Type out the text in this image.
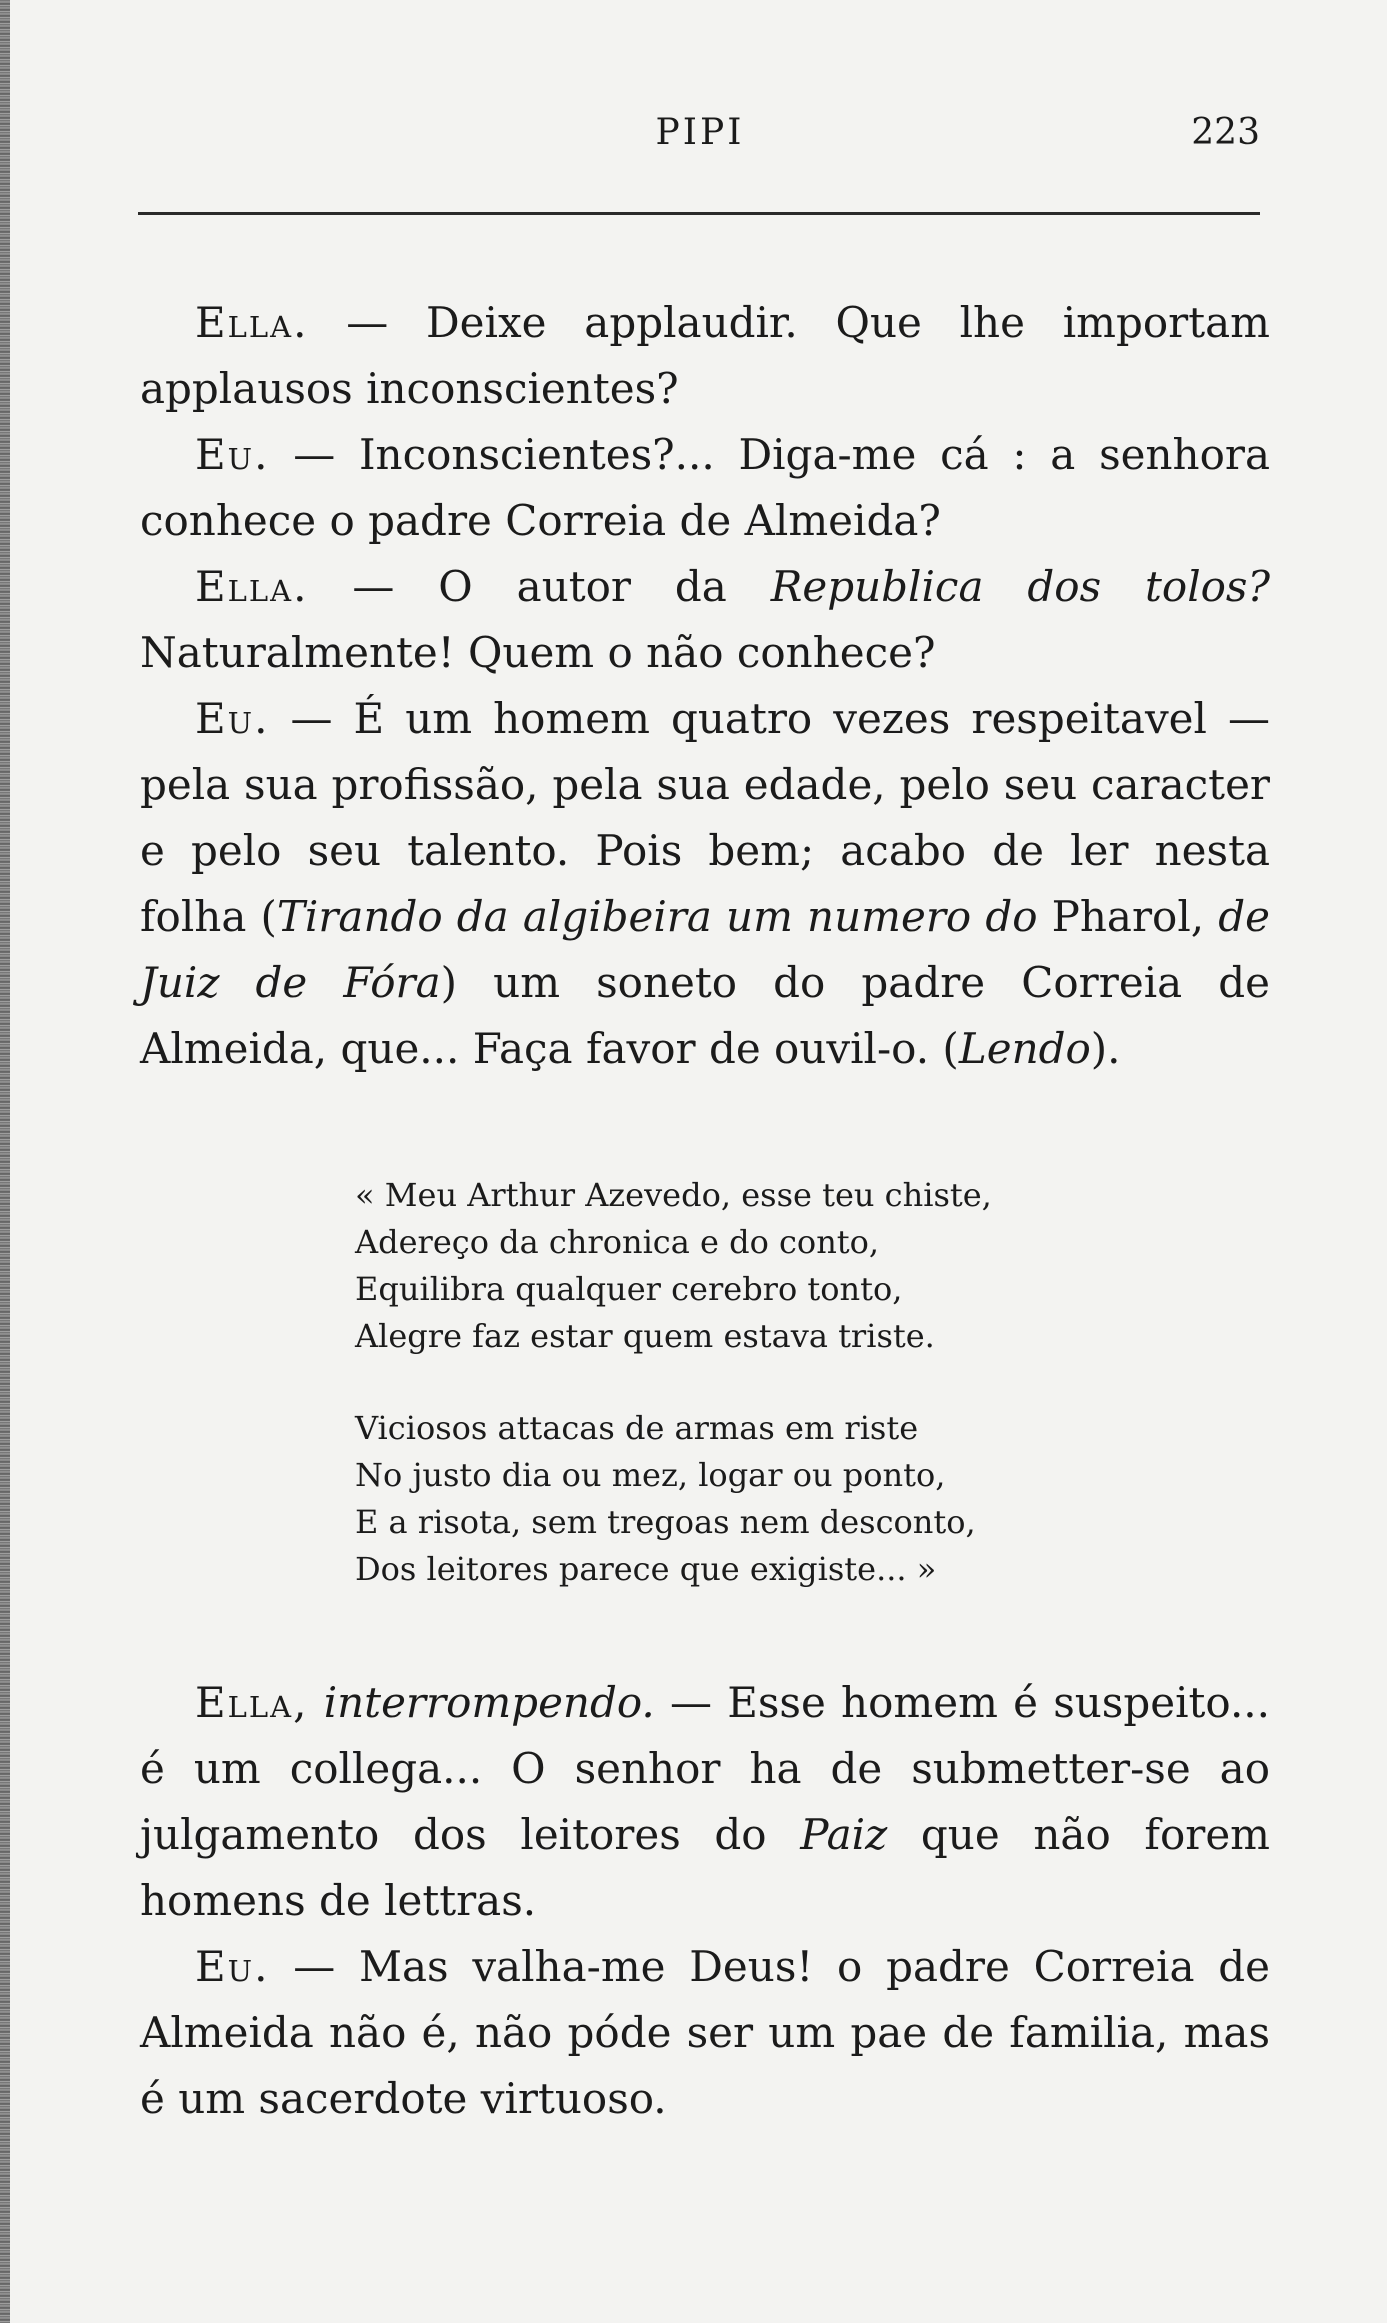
PIPI	223

Ella. — Deixe applaudir. Que lhe importam applausos inconscientes?

Eu. — Inconscientes?... Diga-me cá : a senhora conhece o padre Correia de Almeida?

Ella. — O autor da Republica dos tolos? Naturalmente! Quem o não conhece?

Eu. — É um homem quatro vezes respeitavel — pela sua profissão, pela sua edade, pelo seu caracter e pelo seu talento. Pois bem; acabo de ler nesta folha (Tirando da algibeira um numero do Pharol, de Juiz de Fóra) um soneto do padre Correia de Almeida, que... Faça favor de ouvil-o. (Lendo).

« Meu Arthur Azevedo, esse teu chiste,
Adereço da chronica e do conto,
Equilibra qualquer cerebro tonto,
Alegre faz estar quem estava triste.
Viciosos attacas de armas em riste
No justo dia ou mez, logar ou ponto,
E a risota, sem tregoas nem desconto,
Dos leitores parece que exigiste... »

Ella, interrompendo. — Esse homem é suspeito... é um collega... O senhor ha de submetter-se ao julgamento dos leitores do Paiz que não forem homens de lettras.

Eu. — Mas valha-me Deus! o padre Correia de Almeida não é, não póde ser um pae de familia, mas é um sacerdote virtuoso.
